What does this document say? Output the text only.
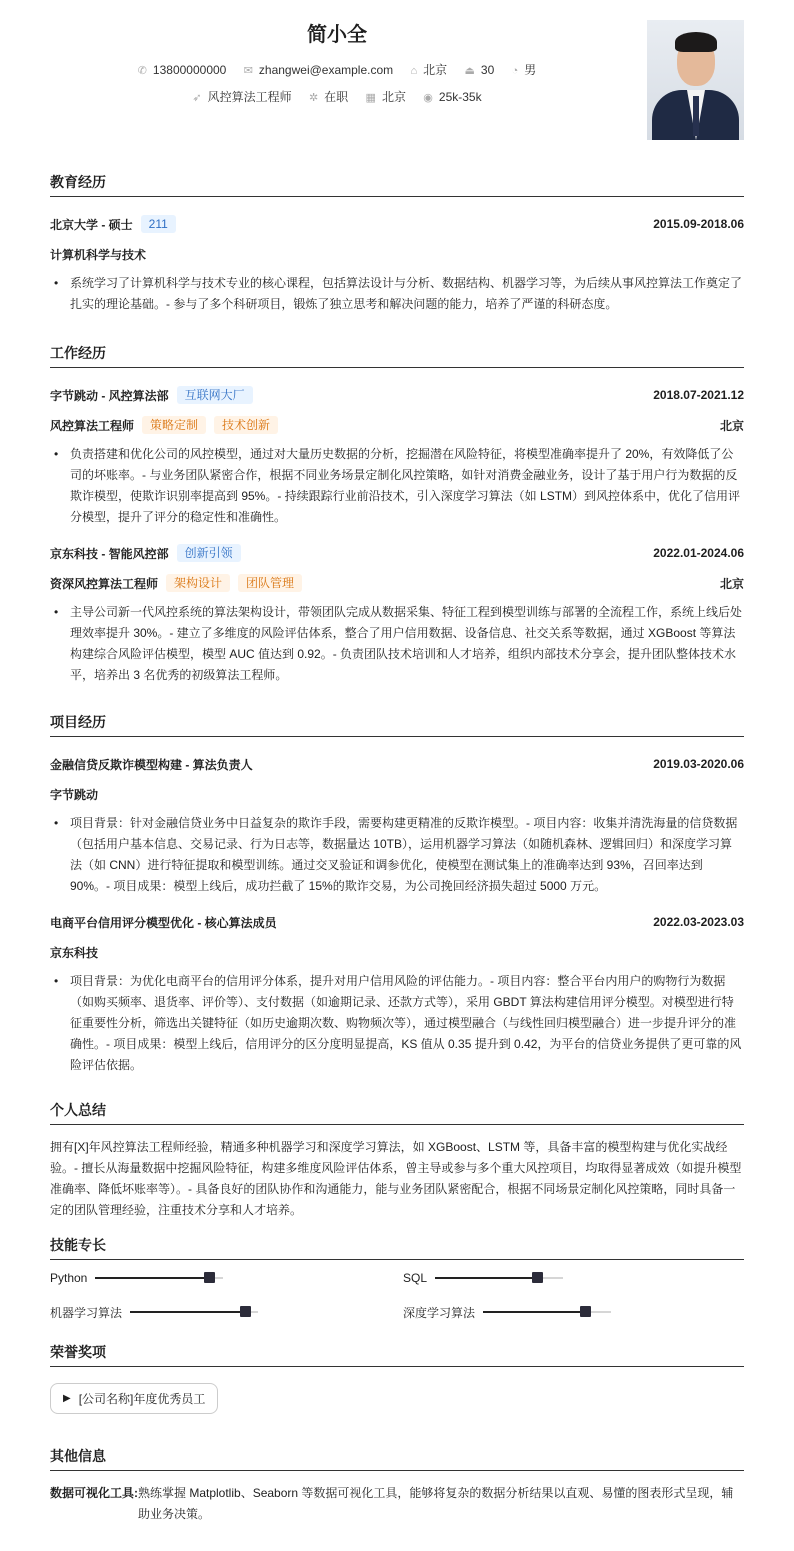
简小全
✆ 13800000000 ✉ zhangwei@example.com ⌂ 北京 ⏏ 30 ◔ 男
➶ 风控算法工程师 ✲ 在职 ▦ 北京 ◉ 25k-35k
教育经历
北京大学 - 硕士	211	2015.09-2018.06
计算机科学与技术
• 系统学习了计算机科学与技术专业的核心课程，包括算法设计与分析、数据结构、机器学习等，为后续从事风控算法工作奠定了扎实的理论基础。- 参与了多个科研项目，锻炼了独立思考和解决问题的能力，培养了严谨的科研态度。
工作经历
字节跳动 - 风控算法部	互联网大厂	2018.07-2021.12
风控算法工程师	策略定制	技术创新	北京
• 负责搭建和优化公司的风控模型，通过对大量历史数据的分析，挖掘潜在风险特征，将模型准确率提升了 20%，有效降低了公司的坏账率。- 与业务团队紧密合作，根据不同业务场景定制化风控策略，如针对消费金融业务，设计了基于用户行为数据的反欺诈模型，使欺诈识别率提高到 95%。- 持续跟踪行业前沿技术，引入深度学习算法（如 LSTM）到风控体系中，优化了信用评分模型，提升了评分的稳定性和准确性。
京东科技 - 智能风控部	创新引领	2022.01-2024.06
资深风控算法工程师	架构设计	团队管理	北京
• 主导公司新一代风控系统的算法架构设计，带领团队完成从数据采集、特征工程到模型训练与部署的全流程工作，系统上线后处理效率提升 30%。- 建立了多维度的风险评估体系，整合了用户信用数据、设备信息、社交关系等数据，通过 XGBoost 等算法构建综合风险评估模型，模型 AUC 值达到 0.92。- 负责团队技术培训和人才培养，组织内部技术分享会，提升团队整体技术水平，培养出 3 名优秀的初级算法工程师。
项目经历
金融信贷反欺诈模型构建 - 算法负责人	2019.03-2020.06
字节跳动
• 项目背景：针对金融信贷业务中日益复杂的欺诈手段，需要构建更精准的反欺诈模型。- 项目内容：收集并清洗海量的信贷数据（包括用户基本信息、交易记录、行为日志等，数据量达 10TB），运用机器学习算法（如随机森林、逻辑回归）和深度学习算法（如 CNN）进行特征提取和模型训练。通过交叉验证和调参优化，使模型在测试集上的准确率达到 93%，召回率达到 90%。- 项目成果：模型上线后，成功拦截了 15%的欺诈交易，为公司挽回经济损失超过 5000 万元。
电商平台信用评分模型优化 - 核心算法成员	2022.03-2023.03
京东科技
• 项目背景：为优化电商平台的信用评分体系，提升对用户信用风险的评估能力。- 项目内容：整合平台内用户的购物行为数据（如购买频率、退货率、评价等）、支付数据（如逾期记录、还款方式等），采用 GBDT 算法构建信用评分模型。对模型进行特征重要性分析，筛选出关键特征（如历史逾期次数、购物频次等），通过模型融合（与线性回归模型融合）进一步提升评分的准确性。- 项目成果：模型上线后，信用评分的区分度明显提高，KS 值从 0.35 提升到 0.42，为平台的信贷业务提供了更可靠的风险评估依据。
个人总结
拥有[X]年风控算法工程师经验，精通多种机器学习和深度学习算法，如 XGBoost、LSTM 等，具备丰富的模型构建与优化实战经验。- 擅长从海量数据中挖掘风险特征，构建多维度风险评估体系，曾主导或参与多个重大风控项目，均取得显著成效（如提升模型准确率、降低坏账率等）。- 具备良好的团队协作和沟通能力，能与业务团队紧密配合，根据不同场景定制化风控策略，同时具备一定的团队管理经验，注重技术分享和人才培养。
技能专长
Python	SQL
机器学习算法	深度学习算法
荣誉奖项
▶ [公司名称]年度优秀员工
其他信息
数据可视化工具:熟练掌握 Matplotlib、Seaborn 等数据可视化工具，能够将复杂的数据分析结果以直观、易懂的图表形式呈现，辅助业务决策。
